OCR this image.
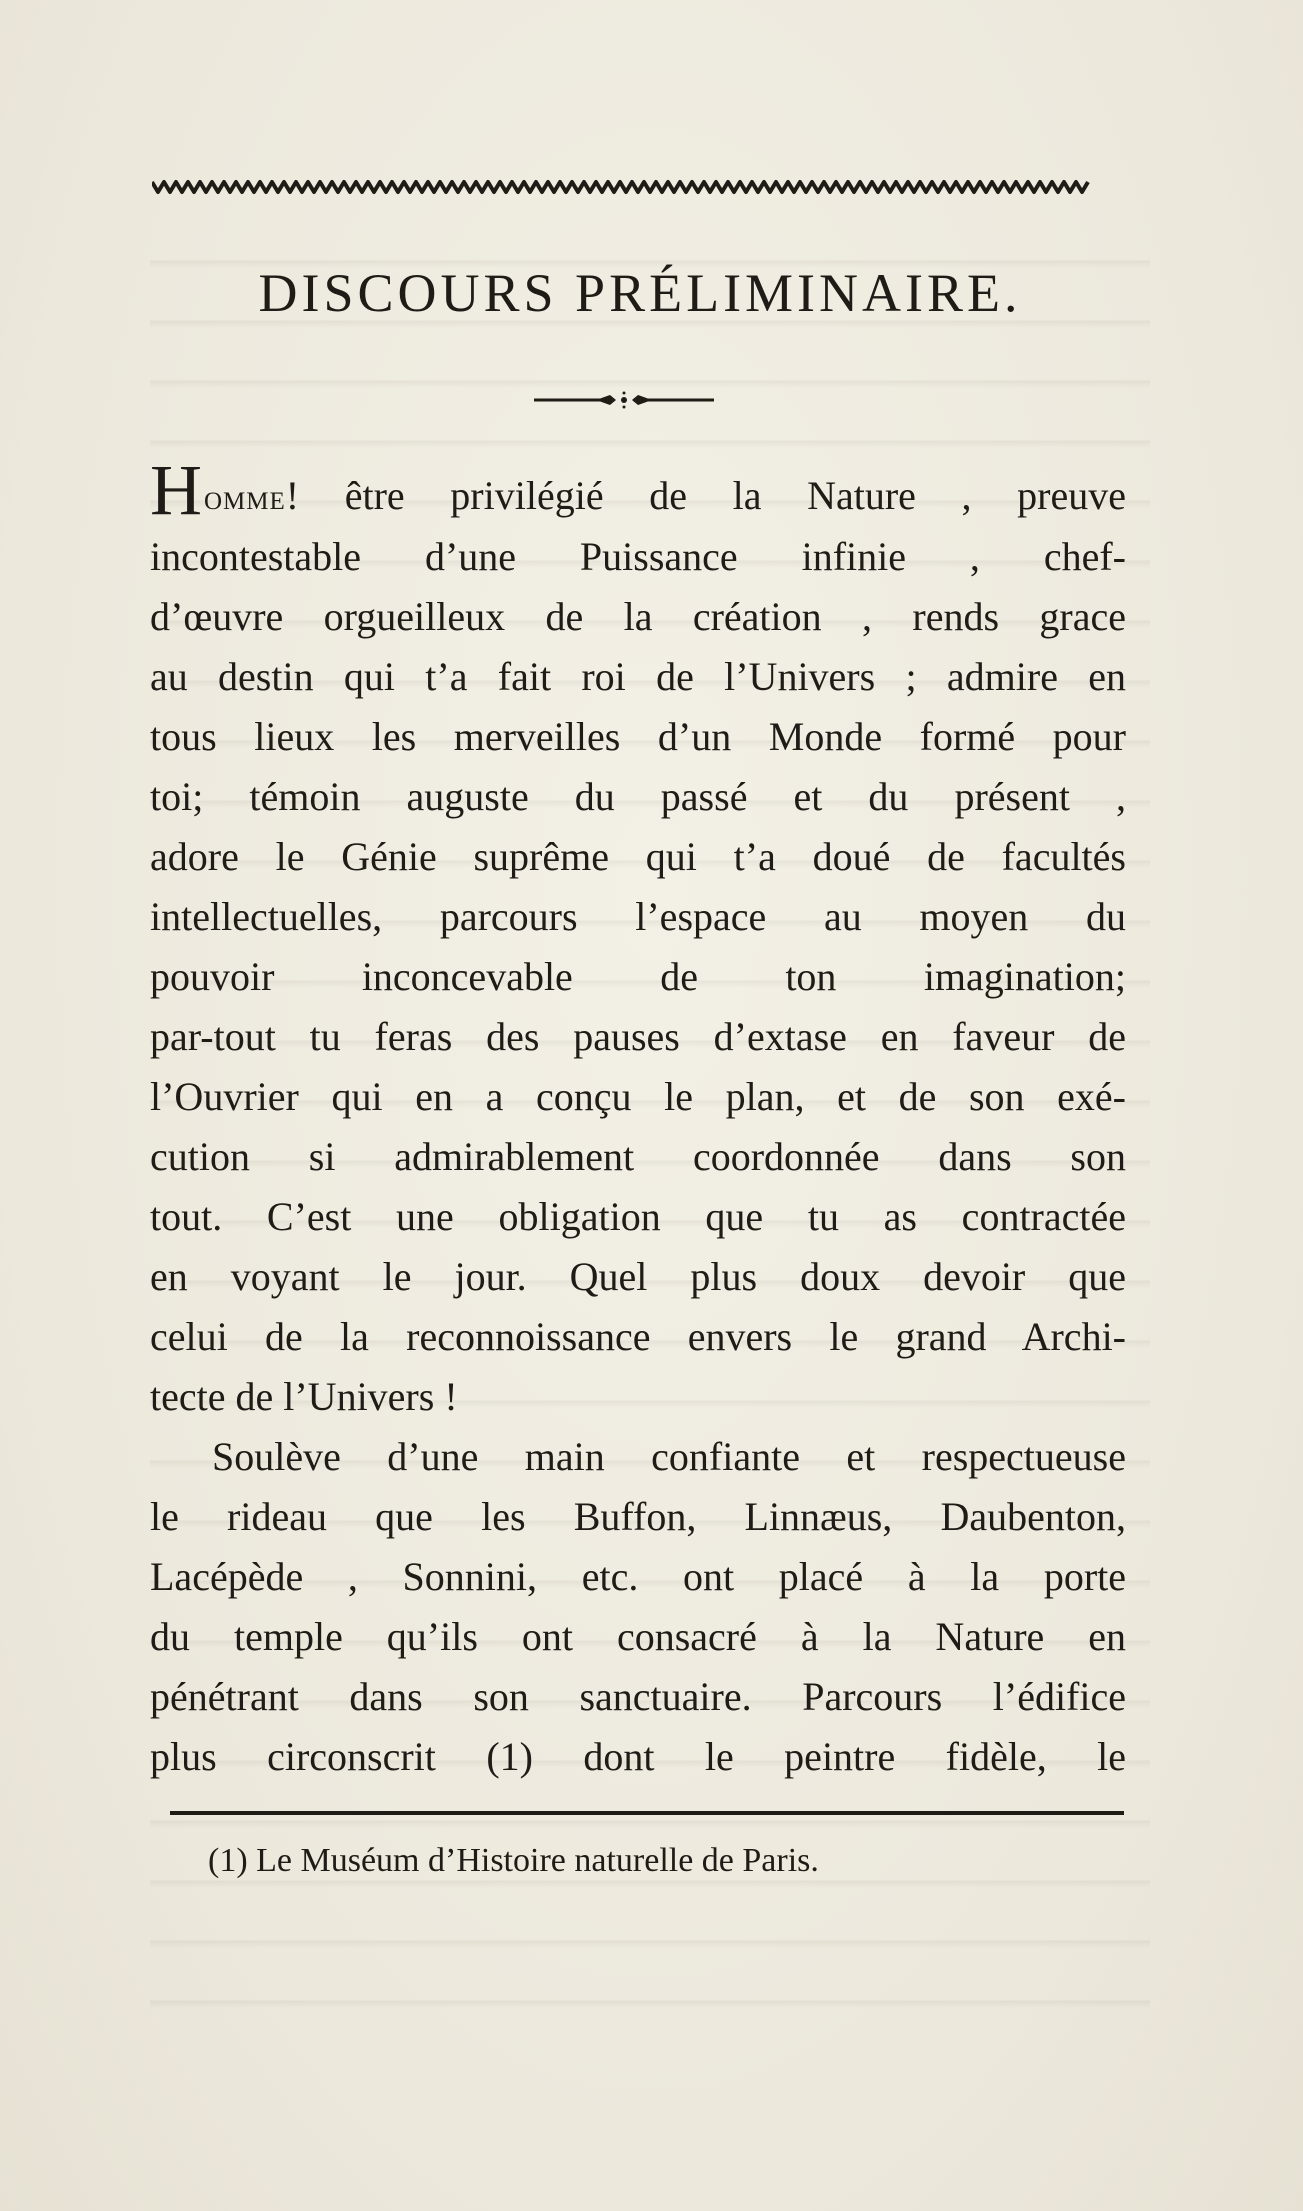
DISCOURS PRÉLIMINAIRE.
Homme! être privilégié de la Nature , preuve
incontestable d’une Puissance infinie , chef-
d’œuvre orgueilleux de la création , rends grace
au destin qui t’a fait roi de l’Univers ; admire en
tous lieux les merveilles d’un Monde formé pour
toi; témoin auguste du passé et du présent ,
adore le Génie suprême qui t’a doué de facultés
intellectuelles, parcours l’espace au moyen du
pouvoir inconcevable de ton imagination;
par-tout tu feras des pauses d’extase en faveur de
l’Ouvrier qui en a conçu le plan, et de son exé-
cution si admirablement coordonnée dans son
tout. C’est une obligation que tu as contractée
en voyant le jour. Quel plus doux devoir que
celui de la reconnoissance envers le grand Archi-
tecte de l’Univers !
Soulève d’une main confiante et respectueuse
le rideau que les Buffon, Linnæus, Daubenton,
Lacépède , Sonnini, etc. ont placé à la porte
du temple qu’ils ont consacré à la Nature en
pénétrant dans son sanctuaire. Parcours l’édifice
plus circonscrit (1) dont le peintre fidèle, le
(1) Le Muséum d’Histoire naturelle de Paris.
